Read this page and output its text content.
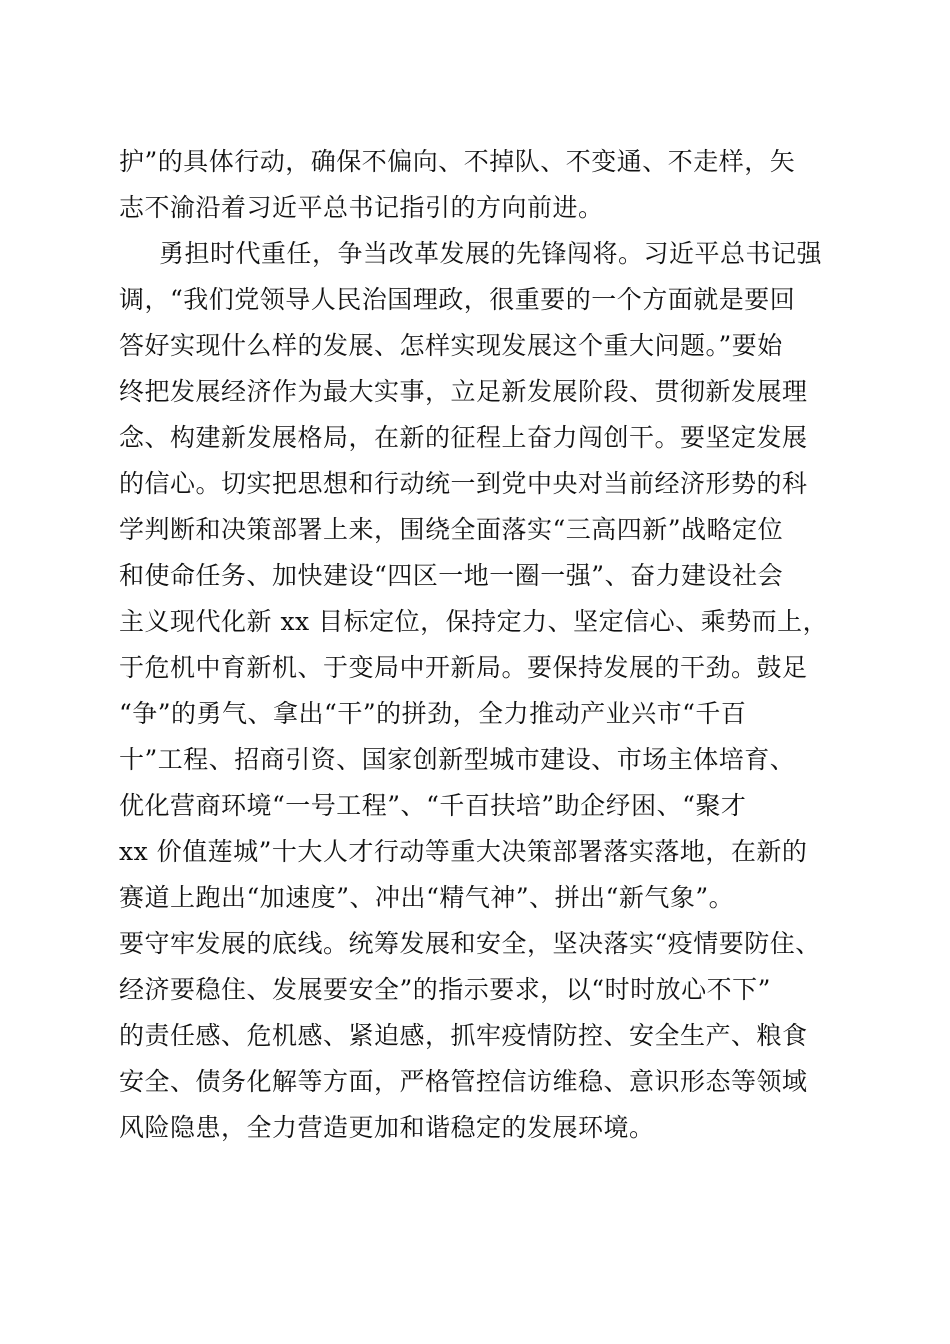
护”的具体行动，确保不偏向、不掉队、不变通、不走样，矢
志不渝沿着习近平总书记指引的方向前进。
勇担时代重任，争当改革发展的先锋闯将。习近平总书记强
调，“我们党领导人民治国理政，很重要的一个方面就是要回
答好实现什么样的发展、怎样实现发展这个重大问题。”要始
终把发展经济作为最大实事，立足新发展阶段、贯彻新发展理
念、构建新发展格局，在新的征程上奋力闯创干。要坚定发展
的信心。切实把思想和行动统一到党中央对当前经济形势的科
学判断和决策部署上来，围绕全面落实“三高四新”战略定位
和使命任务、加快建设“四区一地一圈一强”、奋力建设社会
主义现代化新 xx 目标定位，保持定力、坚定信心、乘势而上，
于危机中育新机、于变局中开新局。要保持发展的干劲。鼓足
“争”的勇气、拿出“干”的拼劲，全力推动产业兴市“千百
十”工程、招商引资、国家创新型城市建设、市场主体培育、
优化营商环境“一号工程”、“千百扶培”助企纾困、“聚才
xx 价值莲城”十大人才行动等重大决策部署落实落地，在新的
赛道上跑出“加速度”、冲出“精气神”、拼出“新气象”。
要守牢发展的底线。统筹发展和安全，坚决落实“疫情要防住、
经济要稳住、发展要安全”的指示要求，以“时时放心不下”
的责任感、危机感、紧迫感，抓牢疫情防控、安全生产、粮食
安全、债务化解等方面，严格管控信访维稳、意识形态等领域
风险隐患，全力营造更加和谐稳定的发展环境。
